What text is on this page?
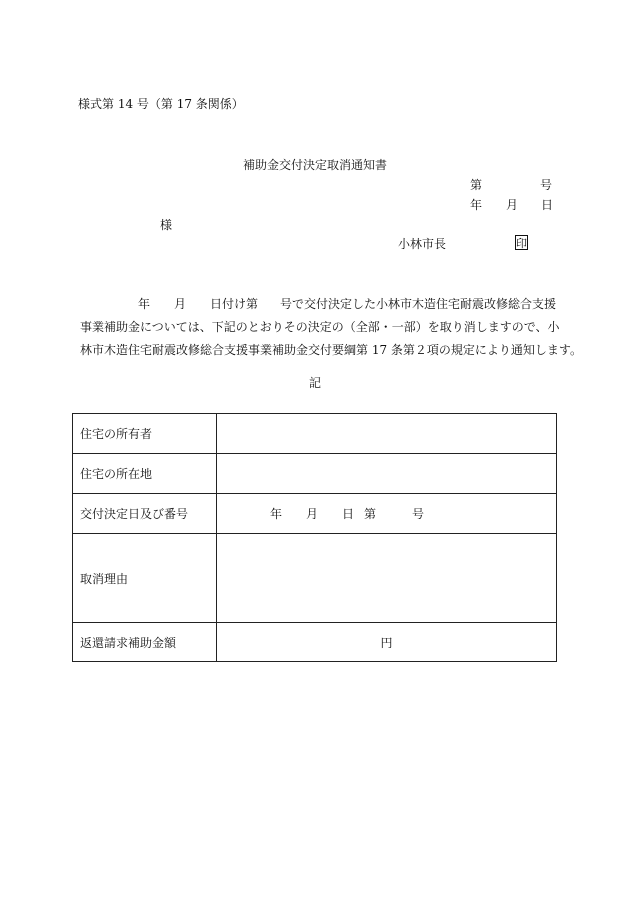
様式第 14 号（第 17 条関係）
補助金交付決定取消通知書
第	号
年 月 日
様
小林市長	印
年 月 日付け第 号で交付決定した小林市木造住宅耐震改修総合支援
事業補助金については、下記のとおりその決定の（全部・一部）を取り消しますので、小
林市木造住宅耐震改修総合支援事業補助金交付要綱第 17 条第２項の規定により通知します。
記
住宅の所有者	
住宅の所在地	
交付決定日及び番号	年 月 日 第 号

取消理由	
返還請求補助金額	円
